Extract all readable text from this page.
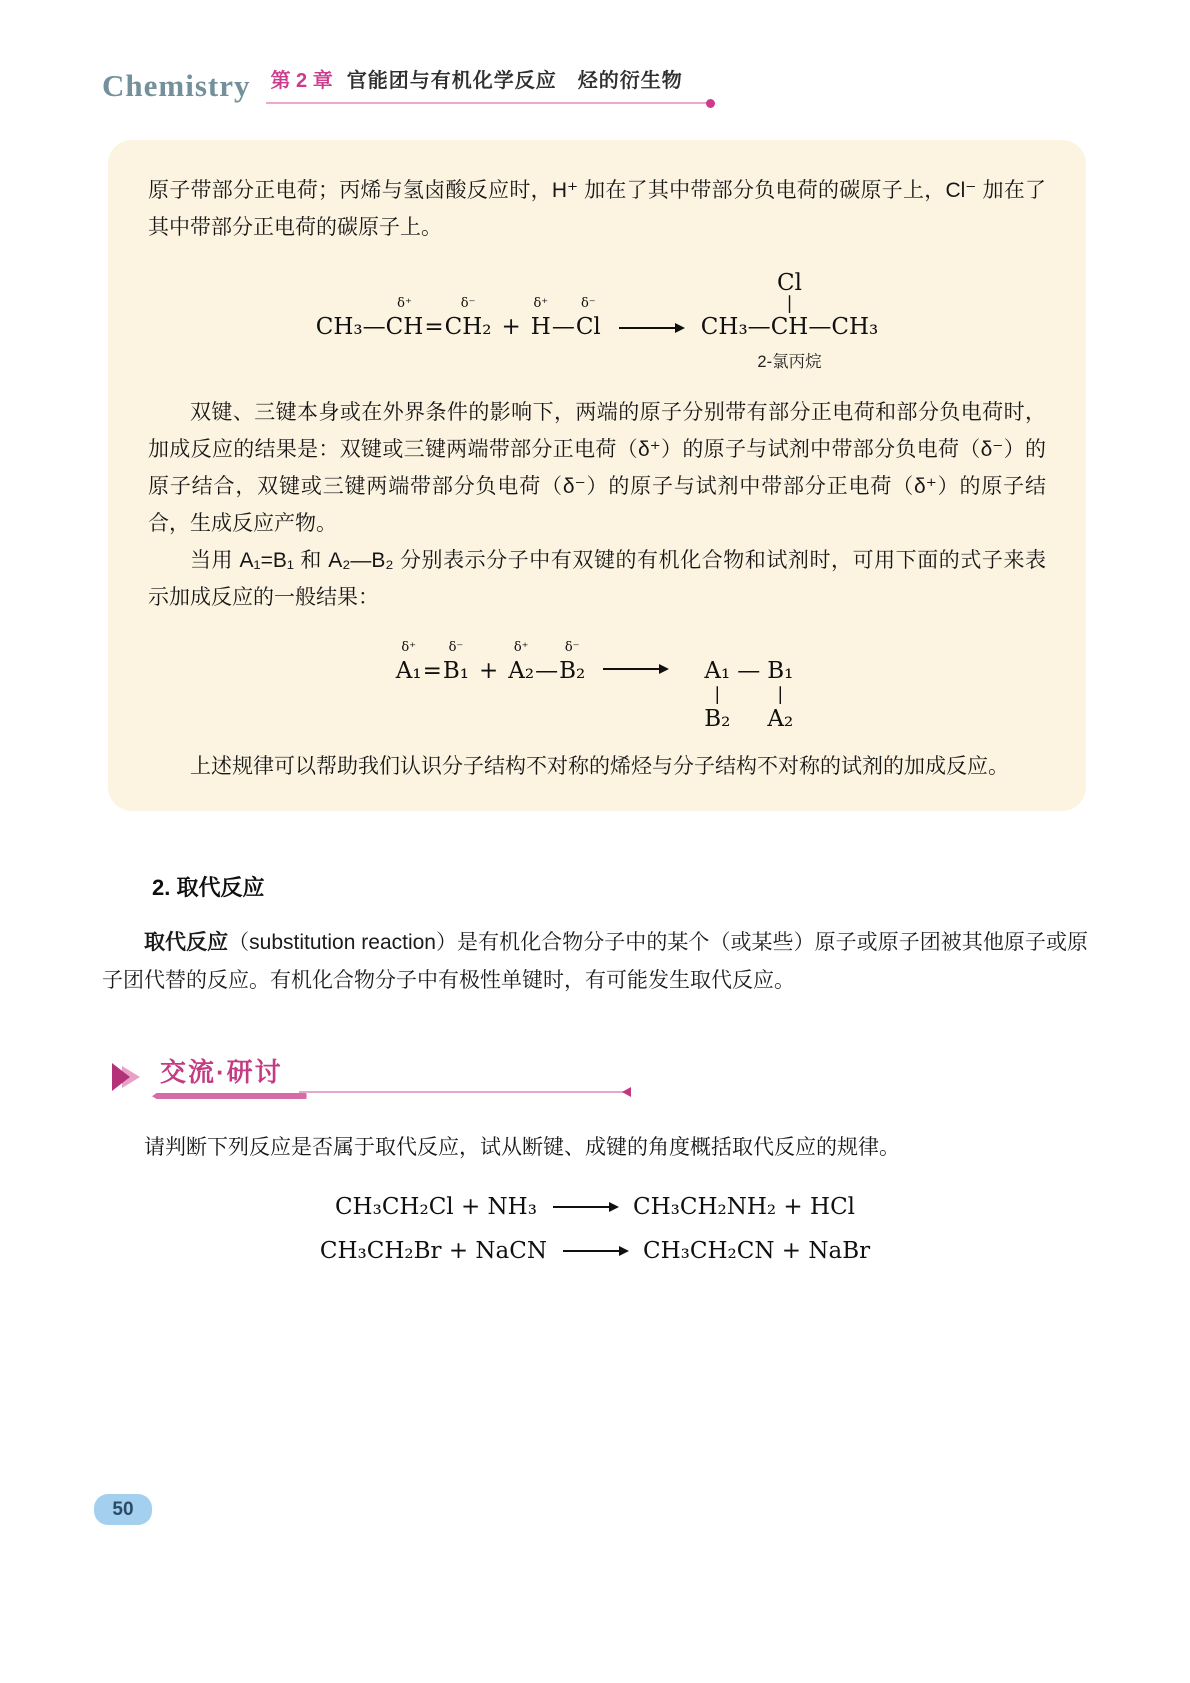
Chemistry 第 2 章 官能团与有机化学反应　烃的衍生物

原子带部分正电荷；丙烯与氢卤酸反应时，H⁺ 加在了其中带部分负电荷的碳原子上，Cl⁻ 加在了其中带部分正电荷的碳原子上。

CH₃—
δ⁺
CH =
δ⁻
CH₂ +
δ⁺
H —
δ⁻
Cl	CH₃—
Cl
|
CH —CH₃
2-氯丙烷

双键、三键本身或在外界条件的影响下，两端的原子分别带有部分正电荷和部分负电荷时，加成反应的结果是：双键或三键两端带部分正电荷（δ⁺）的原子与试剂中带部分负电荷（δ⁻）的原子结合，双键或三键两端带部分负电荷（δ⁻）的原子与试剂中带部分正电荷（δ⁺）的原子结合，生成反应产物。

当用 A₁=B₁ 和 A₂—B₂ 分别表示分子中有双键的有机化合物和试剂时，可用下面的式子来表示加成反应的一般结果：

δ⁺
A₁ =
δ⁻
B₁ +
δ⁺
A₂ —
δ⁻
B₂	A₁ — B₁
|	|
B₂ A₂

上述规律可以帮助我们认识分子结构不对称的烯烃与分子结构不对称的试剂的加成反应。

2. 取代反应

取代反应（substitution reaction）是有机化合物分子中的某个（或某些）原子或原子团被其他原子或原子团代替的反应。有机化合物分子中有极性单键时，有可能发生取代反应。

交流·研讨

请判断下列反应是否属于取代反应，试从断键、成键的角度概括取代反应的规律。

CH₃CH₂Cl + NH₃	CH₃CH₂NH₂ + HCl
CH₃CH₂Br + NaCN	CH₃CH₂CN + NaBr
50
